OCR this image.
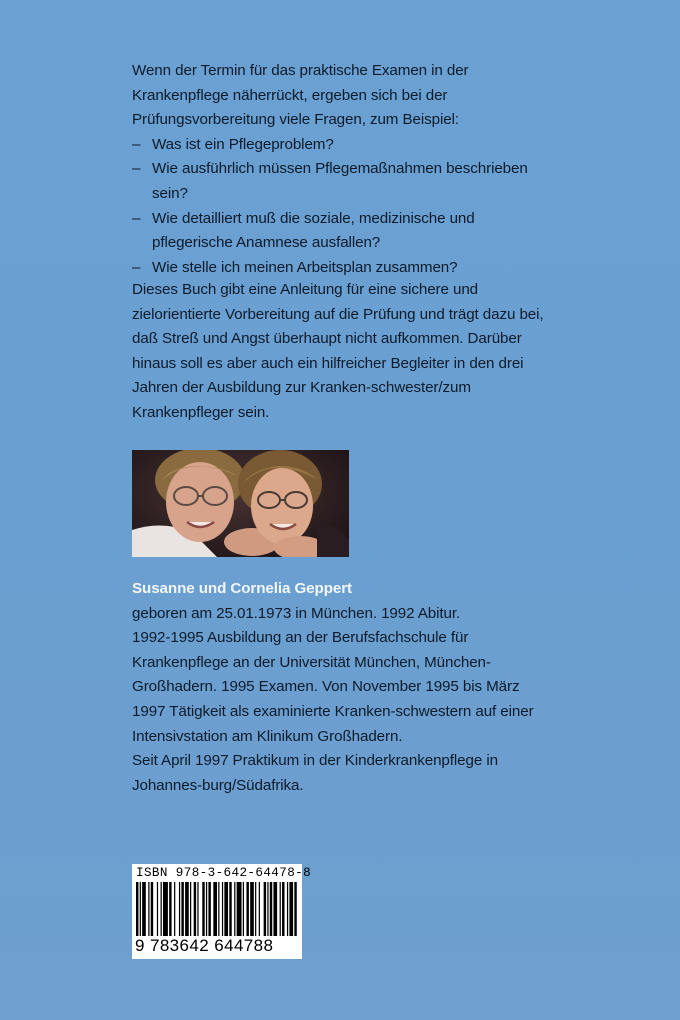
Wenn der Termin für das praktische Examen in der Krankenpflege näherrückt, ergeben sich bei der Prüfungsvorbereitung viele Fragen, zum Beispiel:

– Was ist ein Pflegeproblem?
– Wie ausführlich müssen Pflegemaßnahmen beschrieben sein?
– Wie detailliert muß die soziale, medizinische und pflegerische Anamnese ausfallen?
– Wie stelle ich meinen Arbeitsplan zusammen?

Dieses Buch gibt eine Anleitung für eine sichere und zielorientierte Vorbereitung auf die Prüfung und trägt dazu bei, daß Streß und Angst überhaupt nicht aufkommen. Darüber hinaus soll es aber auch ein hilfreicher Begleiter in den drei Jahren der Ausbildung zur Kranken-schwester/zum Krankenpfleger sein.

Susanne und Cornelia Geppert

geboren am 25.01.1973 in München. 1992 Abitur.

1992-1995 Ausbildung an der Berufsfachschule für Krankenpflege an der Universität München, München-Großhadern. 1995 Examen. Von November 1995 bis März 1997 Tätigkeit als examinierte Kranken-schwestern auf einer Intensivstation am Klinikum Großhadern.

Seit April 1997 Praktikum in der Kinderkrankenpflege in Johannes-burg/Südafrika.

ISBN 978-3-642-64478-8
9 783642 644788
